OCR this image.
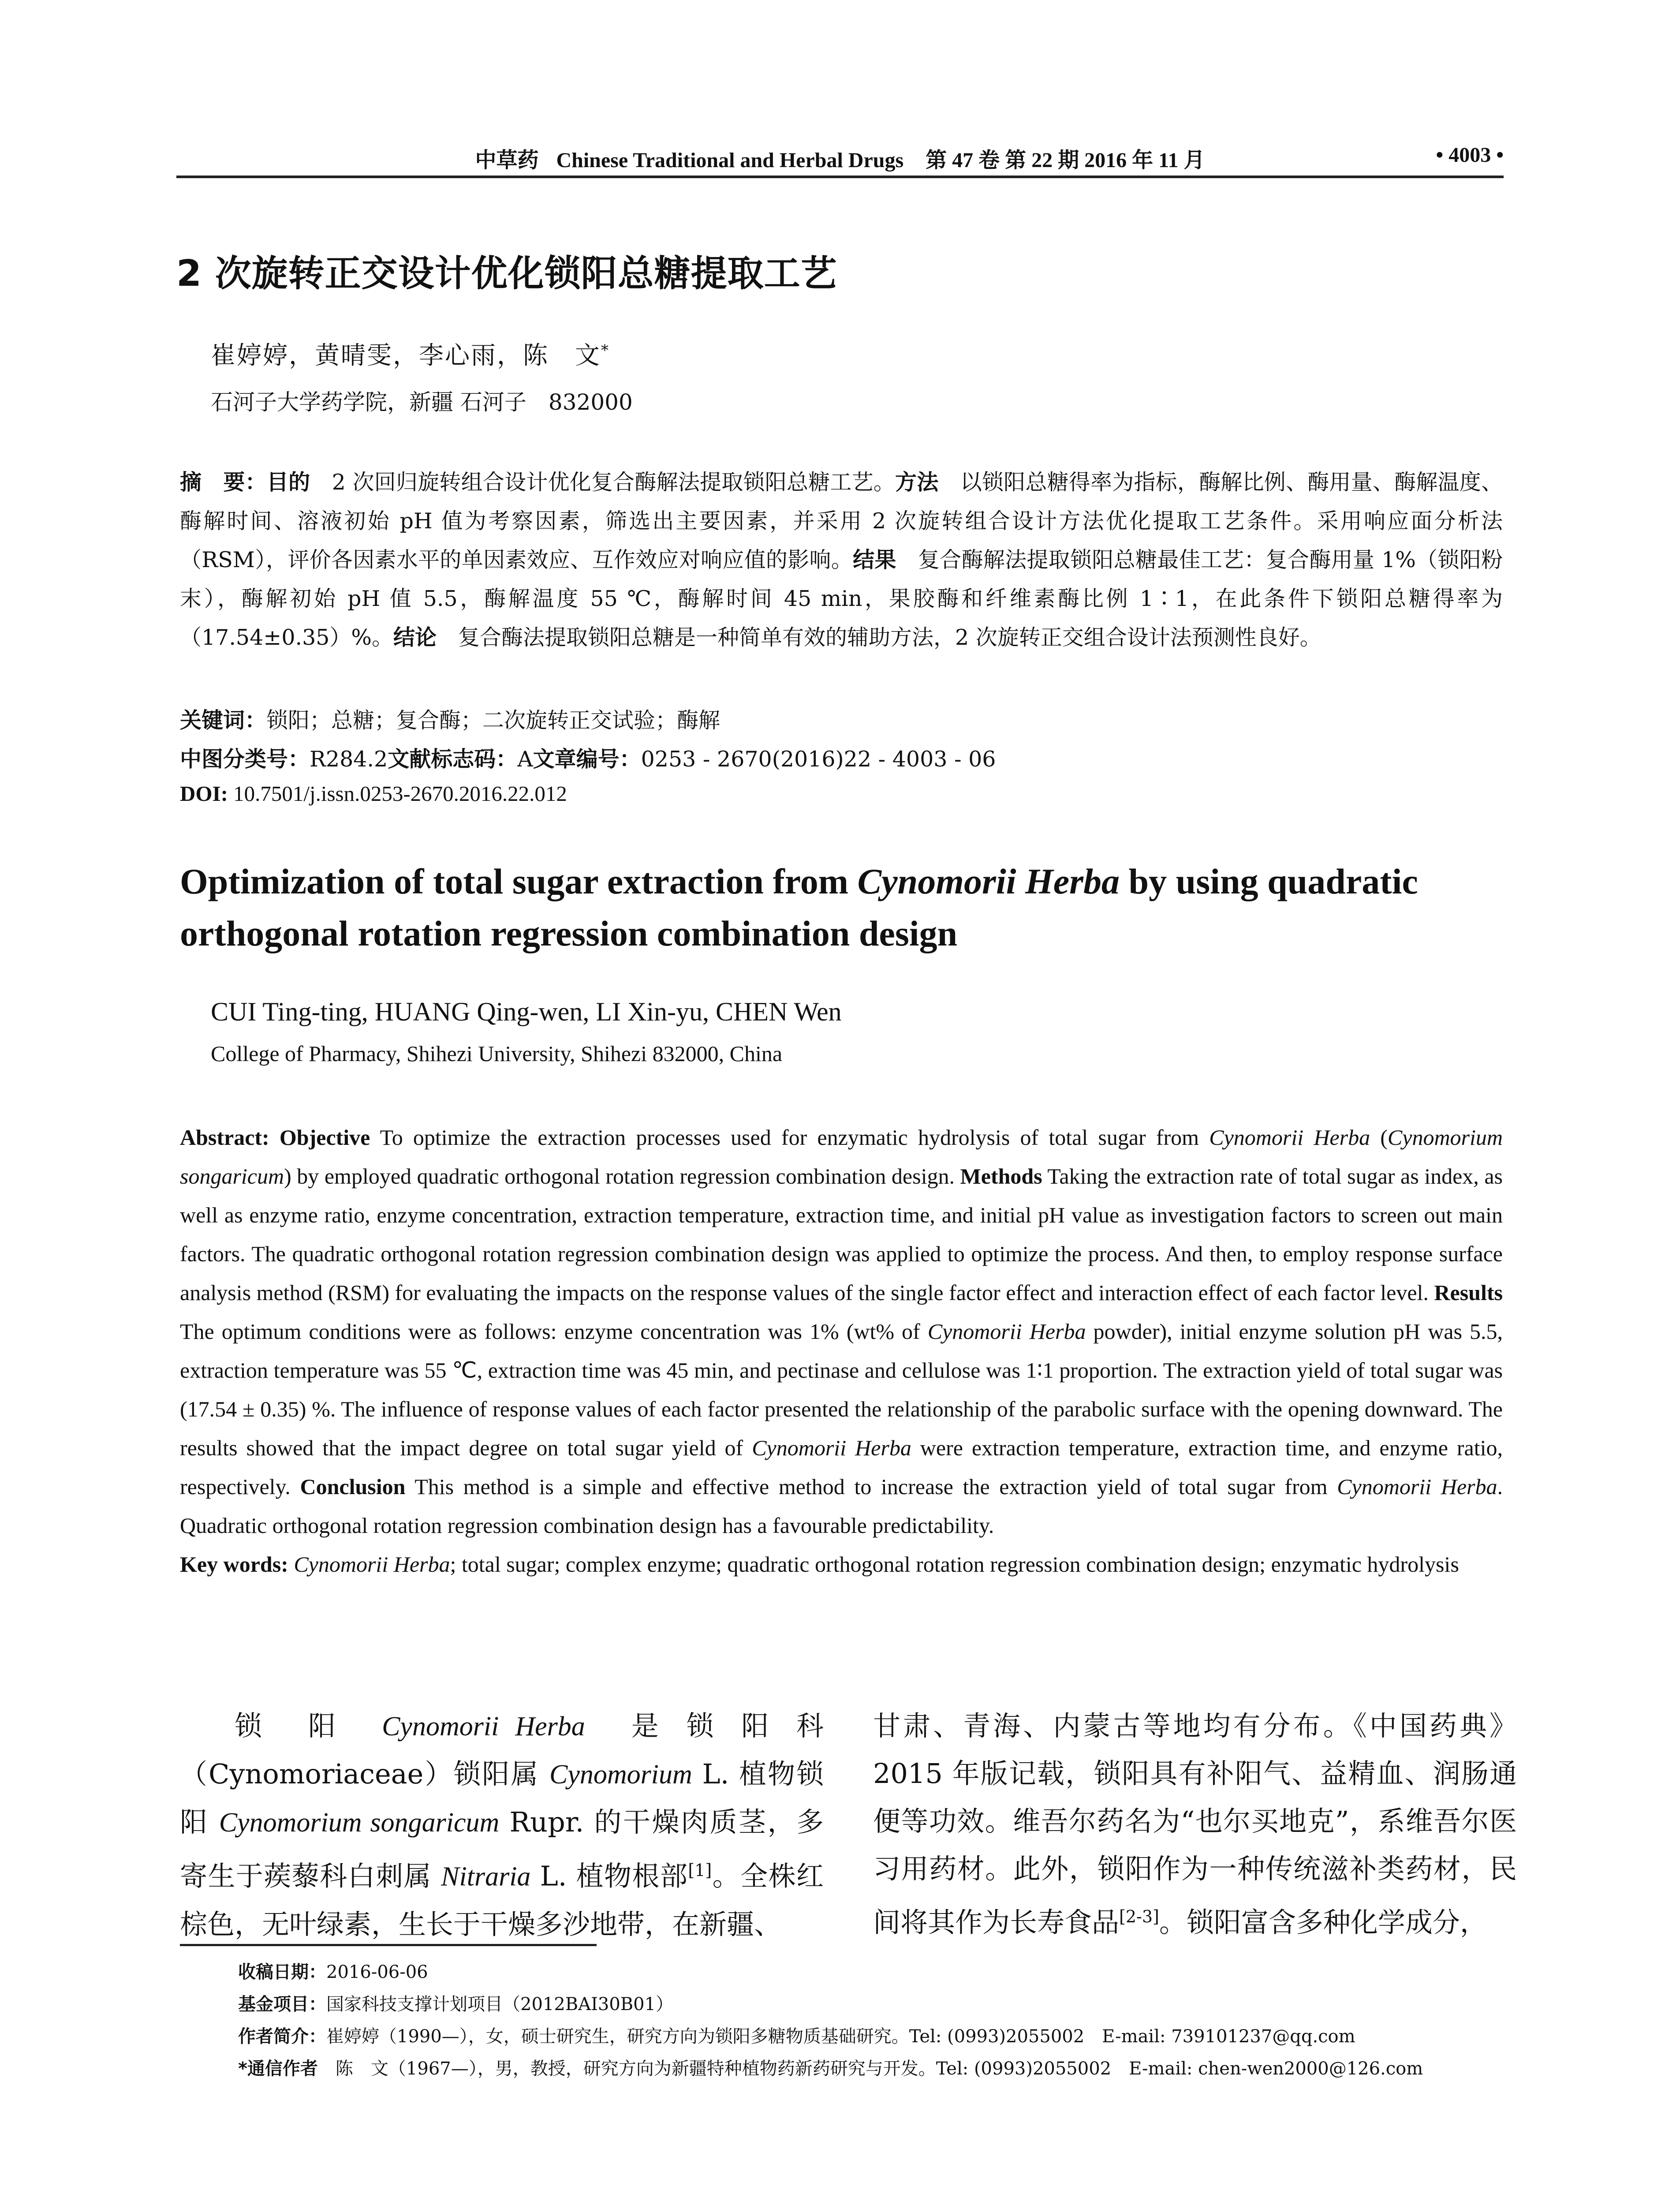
中草药 Chinese Traditional and Herbal Drugs 第 47 卷 第 22 期 2016 年 11 月	• 4003 •
2 次旋转正交设计优化锁阳总糖提取工艺
崔婷婷，黄晴雯，李心雨，陈　文*
石河子大学药学院，新疆 石河子　832000
摘　要：目的　2 次回归旋转组合设计优化复合酶解法提取锁阳总糖工艺。方法　以锁阳总糖得率为指标，酶解比例、酶用量、酶解温度、酶解时间、溶液初始 pH 值为考察因素，筛选出主要因素，并采用 2 次旋转组合设计方法优化提取工艺条件。采用响应面分析法（RSM），评价各因素水平的单因素效应、互作效应对响应值的影响。结果　复合酶解法提取锁阳总糖最佳工艺：复合酶用量 1%（锁阳粉末），酶解初始 pH 值 5.5，酶解温度 55 ℃，酶解时间 45 min，果胶酶和纤维素酶比例 1∶1，在此条件下锁阳总糖得率为（17.54±0.35）%。结论　复合酶法提取锁阳总糖是一种简单有效的辅助方法，2 次旋转正交组合设计法预测性良好。
关键词：锁阳；总糖；复合酶；二次旋转正交试验；酶解
中图分类号：R284.2文献标志码：A文章编号：0253 - 2670(2016)22 - 4003 - 06
DOI: 10.7501/j.issn.0253-2670.2016.22.012
Optimization of total sugar extraction from Cynomorii Herba by using quadratic orthogonal rotation regression combination design
CUI Ting-ting, HUANG Qing-wen, LI Xin-yu, CHEN Wen
College of Pharmacy, Shihezi University, Shihezi 832000, China
Abstract: Objective To optimize the extraction processes used for enzymatic hydrolysis of total sugar from Cynomorii Herba (Cynomorium songaricum) by employed quadratic orthogonal rotation regression combination design. Methods Taking the extraction rate of total sugar as index, as well as enzyme ratio, enzyme concentration, extraction temperature, extraction time, and initial pH value as investigation factors to screen out main factors. The quadratic orthogonal rotation regression combination design was applied to optimize the process. And then, to employ response surface analysis method (RSM) for evaluating the impacts on the response values of the single factor effect and interaction effect of each factor level. Results The optimum conditions were as follows: enzyme concentration was 1% (wt% of Cynomorii Herba powder), initial enzyme solution pH was 5.5, extraction temperature was 55 ℃, extraction time was 45 min, and pectinase and cellulose was 1∶1 proportion. The extraction yield of total sugar was (17.54 ± 0.35) %. The influence of response values of each factor presented the relationship of the parabolic surface with the opening downward. The results showed that the impact degree on total sugar yield of Cynomorii Herba were extraction temperature, extraction time, and enzyme ratio, respectively. Conclusion This method is a simple and effective method to increase the extraction yield of total sugar from Cynomorii Herba. Quadratic orthogonal rotation regression combination design has a favourable predictability.
Key words: Cynomorii Herba; total sugar; complex enzyme; quadratic orthogonal rotation regression combination design; enzymatic hydrolysis
锁　阳　Cynomorii Herba　是 锁 阳 科（Cynomoriaceae）锁阳属 Cynomorium L. 植物锁阳 Cynomorium songaricum Rupr. 的干燥肉质茎，多寄生于蒺藜科白刺属 Nitraria L. 植物根部[1]。全株红棕色，无叶绿素，生长于干燥多沙地带，在新疆、
甘肃、青海、内蒙古等地均有分布。《中国药典》2015 年版记载，锁阳具有补阳气、益精血、润肠通便等功效。维吾尔药名为“也尔买地克”，系维吾尔医习用药材。此外，锁阳作为一种传统滋补类药材，民间将其作为长寿食品[2-3]。锁阳富含多种化学成分，
收稿日期：2016-06-06
基金项目：国家科技支撑计划项目（2012BAI30B01）
作者简介：崔婷婷（1990—），女，硕士研究生，研究方向为锁阳多糖物质基础研究。Tel: (0993)2055002　E-mail: 739101237@qq.com
*通信作者　陈　文（1967—），男，教授，研究方向为新疆特种植物药新药研究与开发。Tel: (0993)2055002　E-mail: chen-wen2000@126.com
